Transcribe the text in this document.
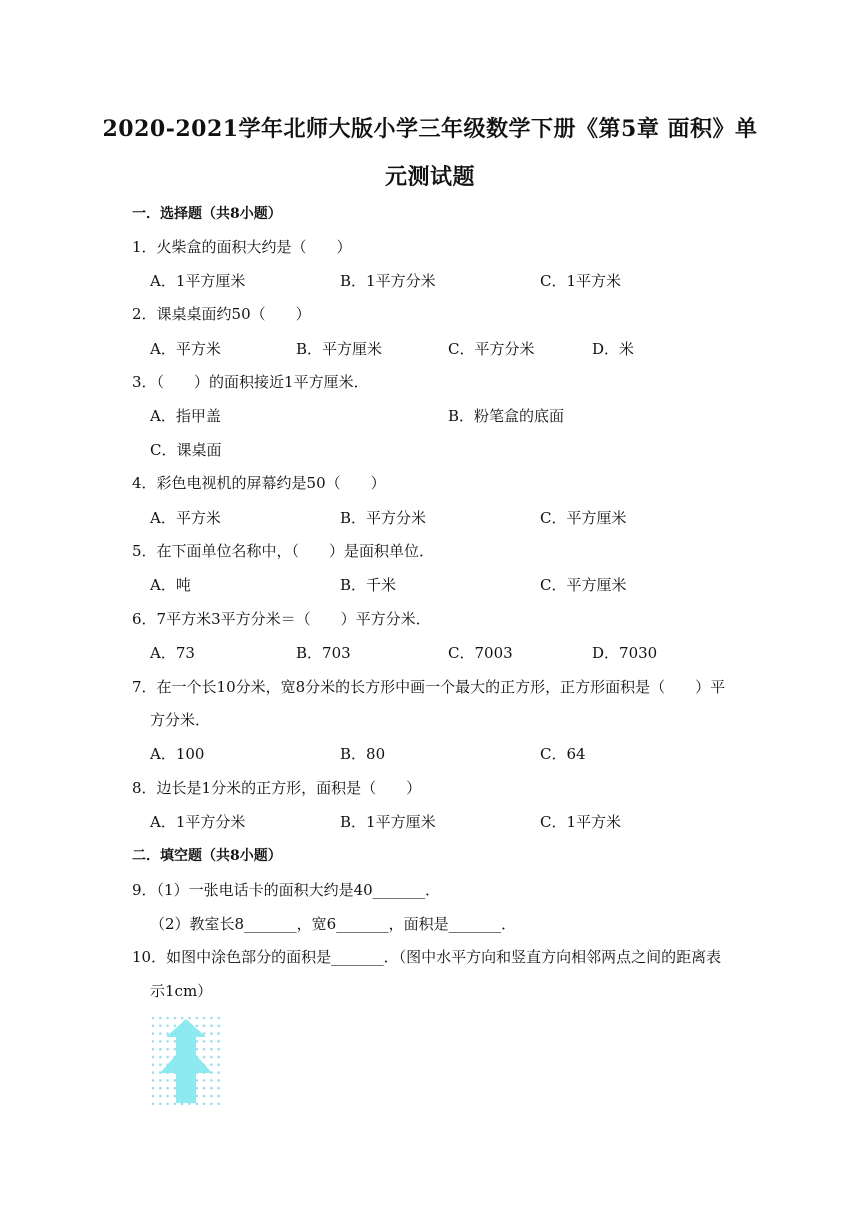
2020-2021学年北师大版小学三年级数学下册《第5章 面积》单
元测试题
一．选择题（共8小题）
1．火柴盒的面积大约是（　　）
A．1平方厘米	B．1平方分米	C．1平方米
2．课桌桌面约50（　　）
A．平方米	B．平方厘米	C．平方分米	D．米
3．（　　）的面积接近1平方厘米．
A．指甲盖	B．粉笔盒的底面
C．课桌面
4．彩色电视机的屏幕约是50（　　）
A．平方米	B．平方分米	C．平方厘米
5．在下面单位名称中，（　　）是面积单位．
A．吨	B．千米	C．平方厘米
6．7平方米3平方分米＝（　　）平方分米．
A．73	B．703	C．7003	D．7030
7．在一个长10分米，宽8分米的长方形中画一个最大的正方形，正方形面积是（　　）平
方分米．
A．100	B．80	C．64
8．边长是1分米的正方形，面积是（　　）
A．1平方分米	B．1平方厘米	C．1平方米
二．填空题（共8小题）
9．（1）一张电话卡的面积大约是40_______．
（2）教室长8_______，宽6_______，面积是_______．
10．如图中涂色部分的面积是_______．（图中水平方向和竖直方向相邻两点之间的距离表
示1cm）
